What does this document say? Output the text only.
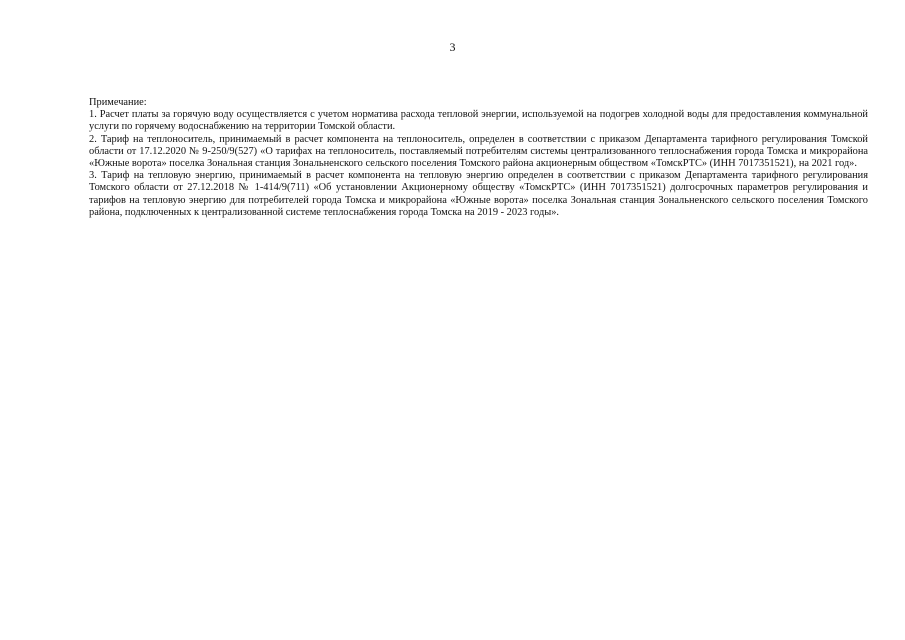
3

Примечание:

1. Расчет платы за горячую воду осуществляется с учетом норматива расхода тепловой энергии, используемой на подогрев холодной воды для предоставления коммунальной услуги по горячему водоснабжению на территории Томской области.

2. Тариф на теплоноситель, принимаемый в расчет компонента на теплоноситель, определен в соответствии с приказом Департамента тарифного регулирования Томской области от 17.12.2020 № 9-250/9(527) «О тарифах на теплоноситель, поставляемый потребителям системы централизованного теплоснабжения города Томска и микрорайона «Южные ворота» поселка Зональная станция Зональненского сельского поселения Томского района акционерным обществом «ТомскРТС» (ИНН 7017351521), на 2021 год».

3. Тариф на тепловую энергию, принимаемый в расчет компонента на тепловую энергию определен в соответствии с приказом Департамента тарифного регулирования Томского области от 27.12.2018 № 1-414/9(711) «Об установлении Акционерному обществу «ТомскРТС» (ИНН 7017351521) долгосрочных параметров регулирования и тарифов на тепловую энергию для потребителей города Томска и микрорайона «Южные ворота» поселка Зональная станция Зональненского сельского поселения Томского района, подключенных к централизованной системе теплоснабжения города Томска на 2019 - 2023 годы».
